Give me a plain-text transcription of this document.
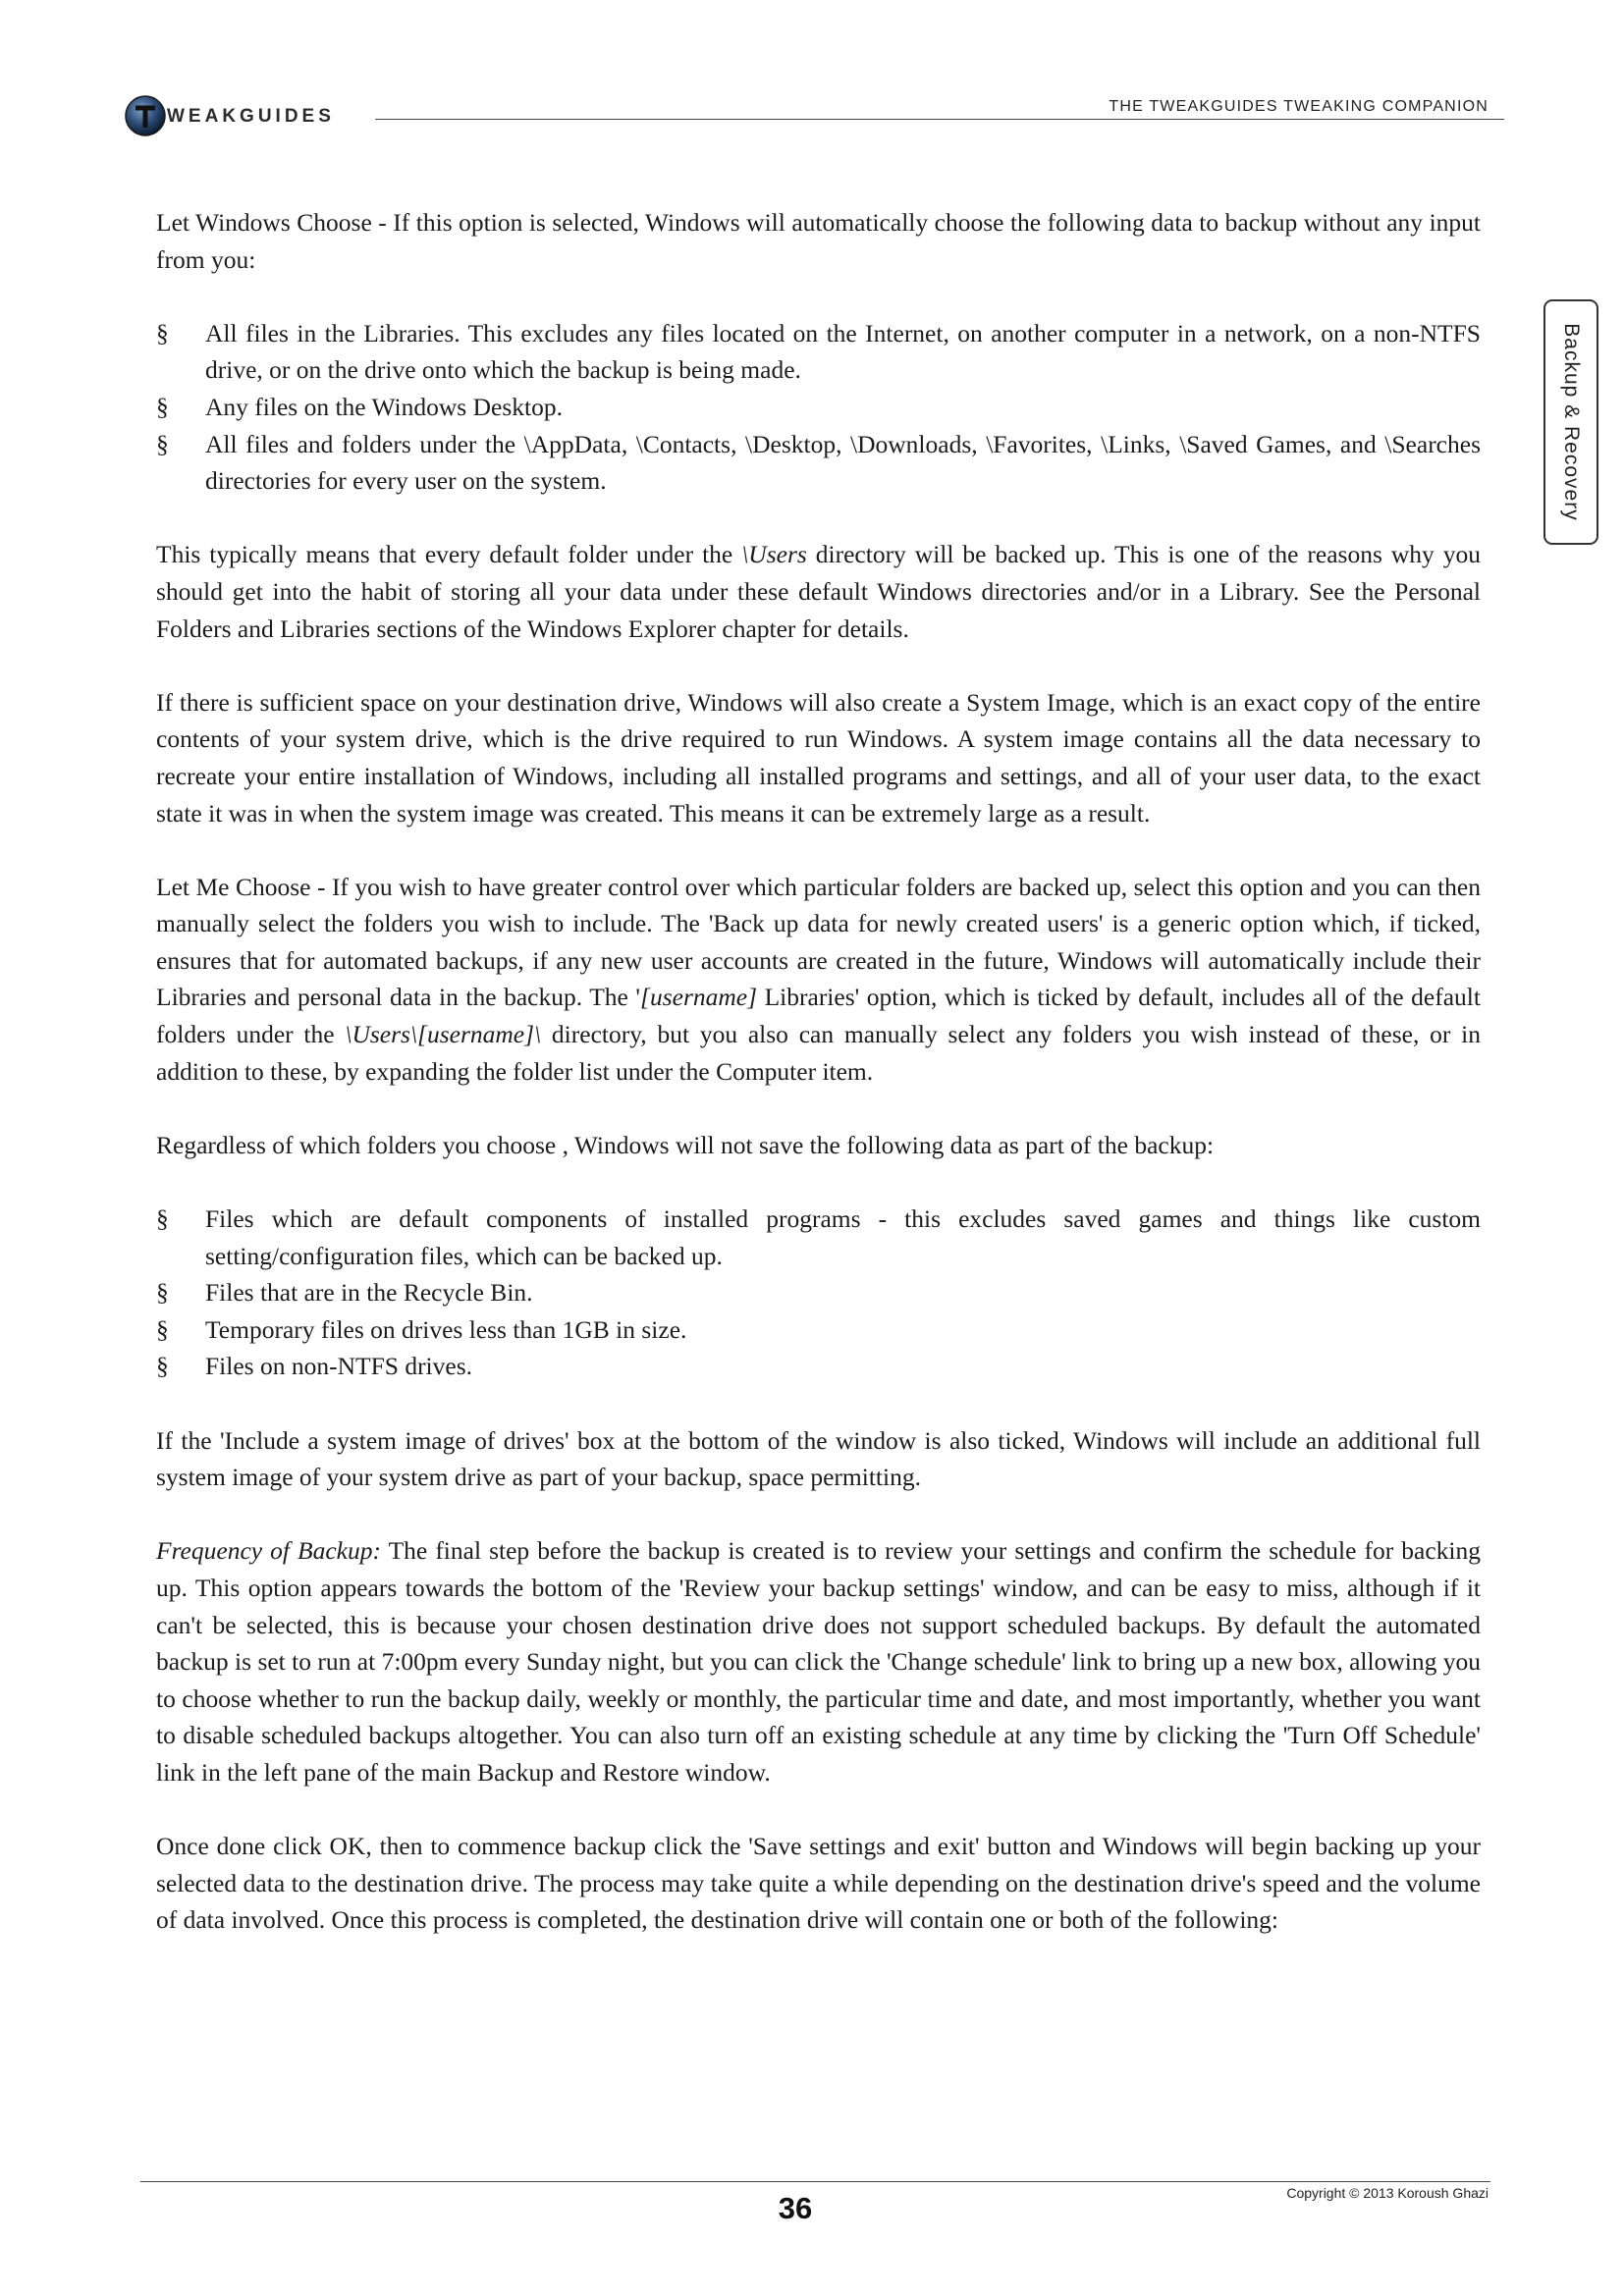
WEAKGUIDES	THE TWEAKGUIDES TWEAKING COMPANION
Backup & Recovery

Let Windows Choose - If this option is selected, Windows will automatically choose the following data to backup without any input from you:

§ All files in the Libraries. This excludes any files located on the Internet, on another computer in a network, on a non-NTFS drive, or on the drive onto which the backup is being made.
§ Any files on the Windows Desktop.
§ All files and folders under the \AppData, \Contacts, \Desktop, \Downloads, \Favorites, \Links, \Saved Games, and \Searches directories for every user on the system.

This typically means that every default folder under the \Users directory will be backed up. This is one of the reasons why you should get into the habit of storing all your data under these default Windows directories and/or in a Library. See the Personal Folders and Libraries sections of the Windows Explorer chapter for details.

If there is sufficient space on your destination drive, Windows will also create a System Image, which is an exact copy of the entire contents of your system drive, which is the drive required to run Windows. A system image contains all the data necessary to recreate your entire installation of Windows, including all installed programs and settings, and all of your user data, to the exact state it was in when the system image was created. This means it can be extremely large as a result.

Let Me Choose - If you wish to have greater control over which particular folders are backed up, select this option and you can then manually select the folders you wish to include. The 'Back up data for newly created users' is a generic option which, if ticked, ensures that for automated backups, if any new user accounts are created in the future, Windows will automatically include their Libraries and personal data in the backup. The '[username] Libraries' option, which is ticked by default, includes all of the default folders under the \Users\[username]\ directory, but you also can manually select any folders you wish instead of these, or in addition to these, by expanding the folder list under the Computer item.

Regardless of which folders you choose , Windows will not save the following data as part of the backup:

§ Files which are default components of installed programs - this excludes saved games and things like custom setting/configuration files, which can be backed up.
§ Files that are in the Recycle Bin.
§ Temporary files on drives less than 1GB in size.
§ Files on non-NTFS drives.

If the 'Include a system image of drives' box at the bottom of the window is also ticked, Windows will include an additional full system image of your system drive as part of your backup, space permitting.

Frequency of Backup: The final step before the backup is created is to review your settings and confirm the schedule for backing up. This option appears towards the bottom of the 'Review your backup settings' window, and can be easy to miss, although if it can't be selected, this is because your chosen destination drive does not support scheduled backups. By default the automated backup is set to run at 7:00pm every Sunday night, but you can click the 'Change schedule' link to bring up a new box, allowing you to choose whether to run the backup daily, weekly or monthly, the particular time and date, and most importantly, whether you want to disable scheduled backups altogether. You can also turn off an existing schedule at any time by clicking the 'Turn Off Schedule' link in the left pane of the main Backup and Restore window.

Once done click OK, then to commence backup click the 'Save settings and exit' button and Windows will begin backing up your selected data to the destination drive. The process may take quite a while depending on the destination drive's speed and the volume of data involved. Once this process is completed, the destination drive will contain one or both of the following:

Copyright © 2013 Koroush Ghazi
36
